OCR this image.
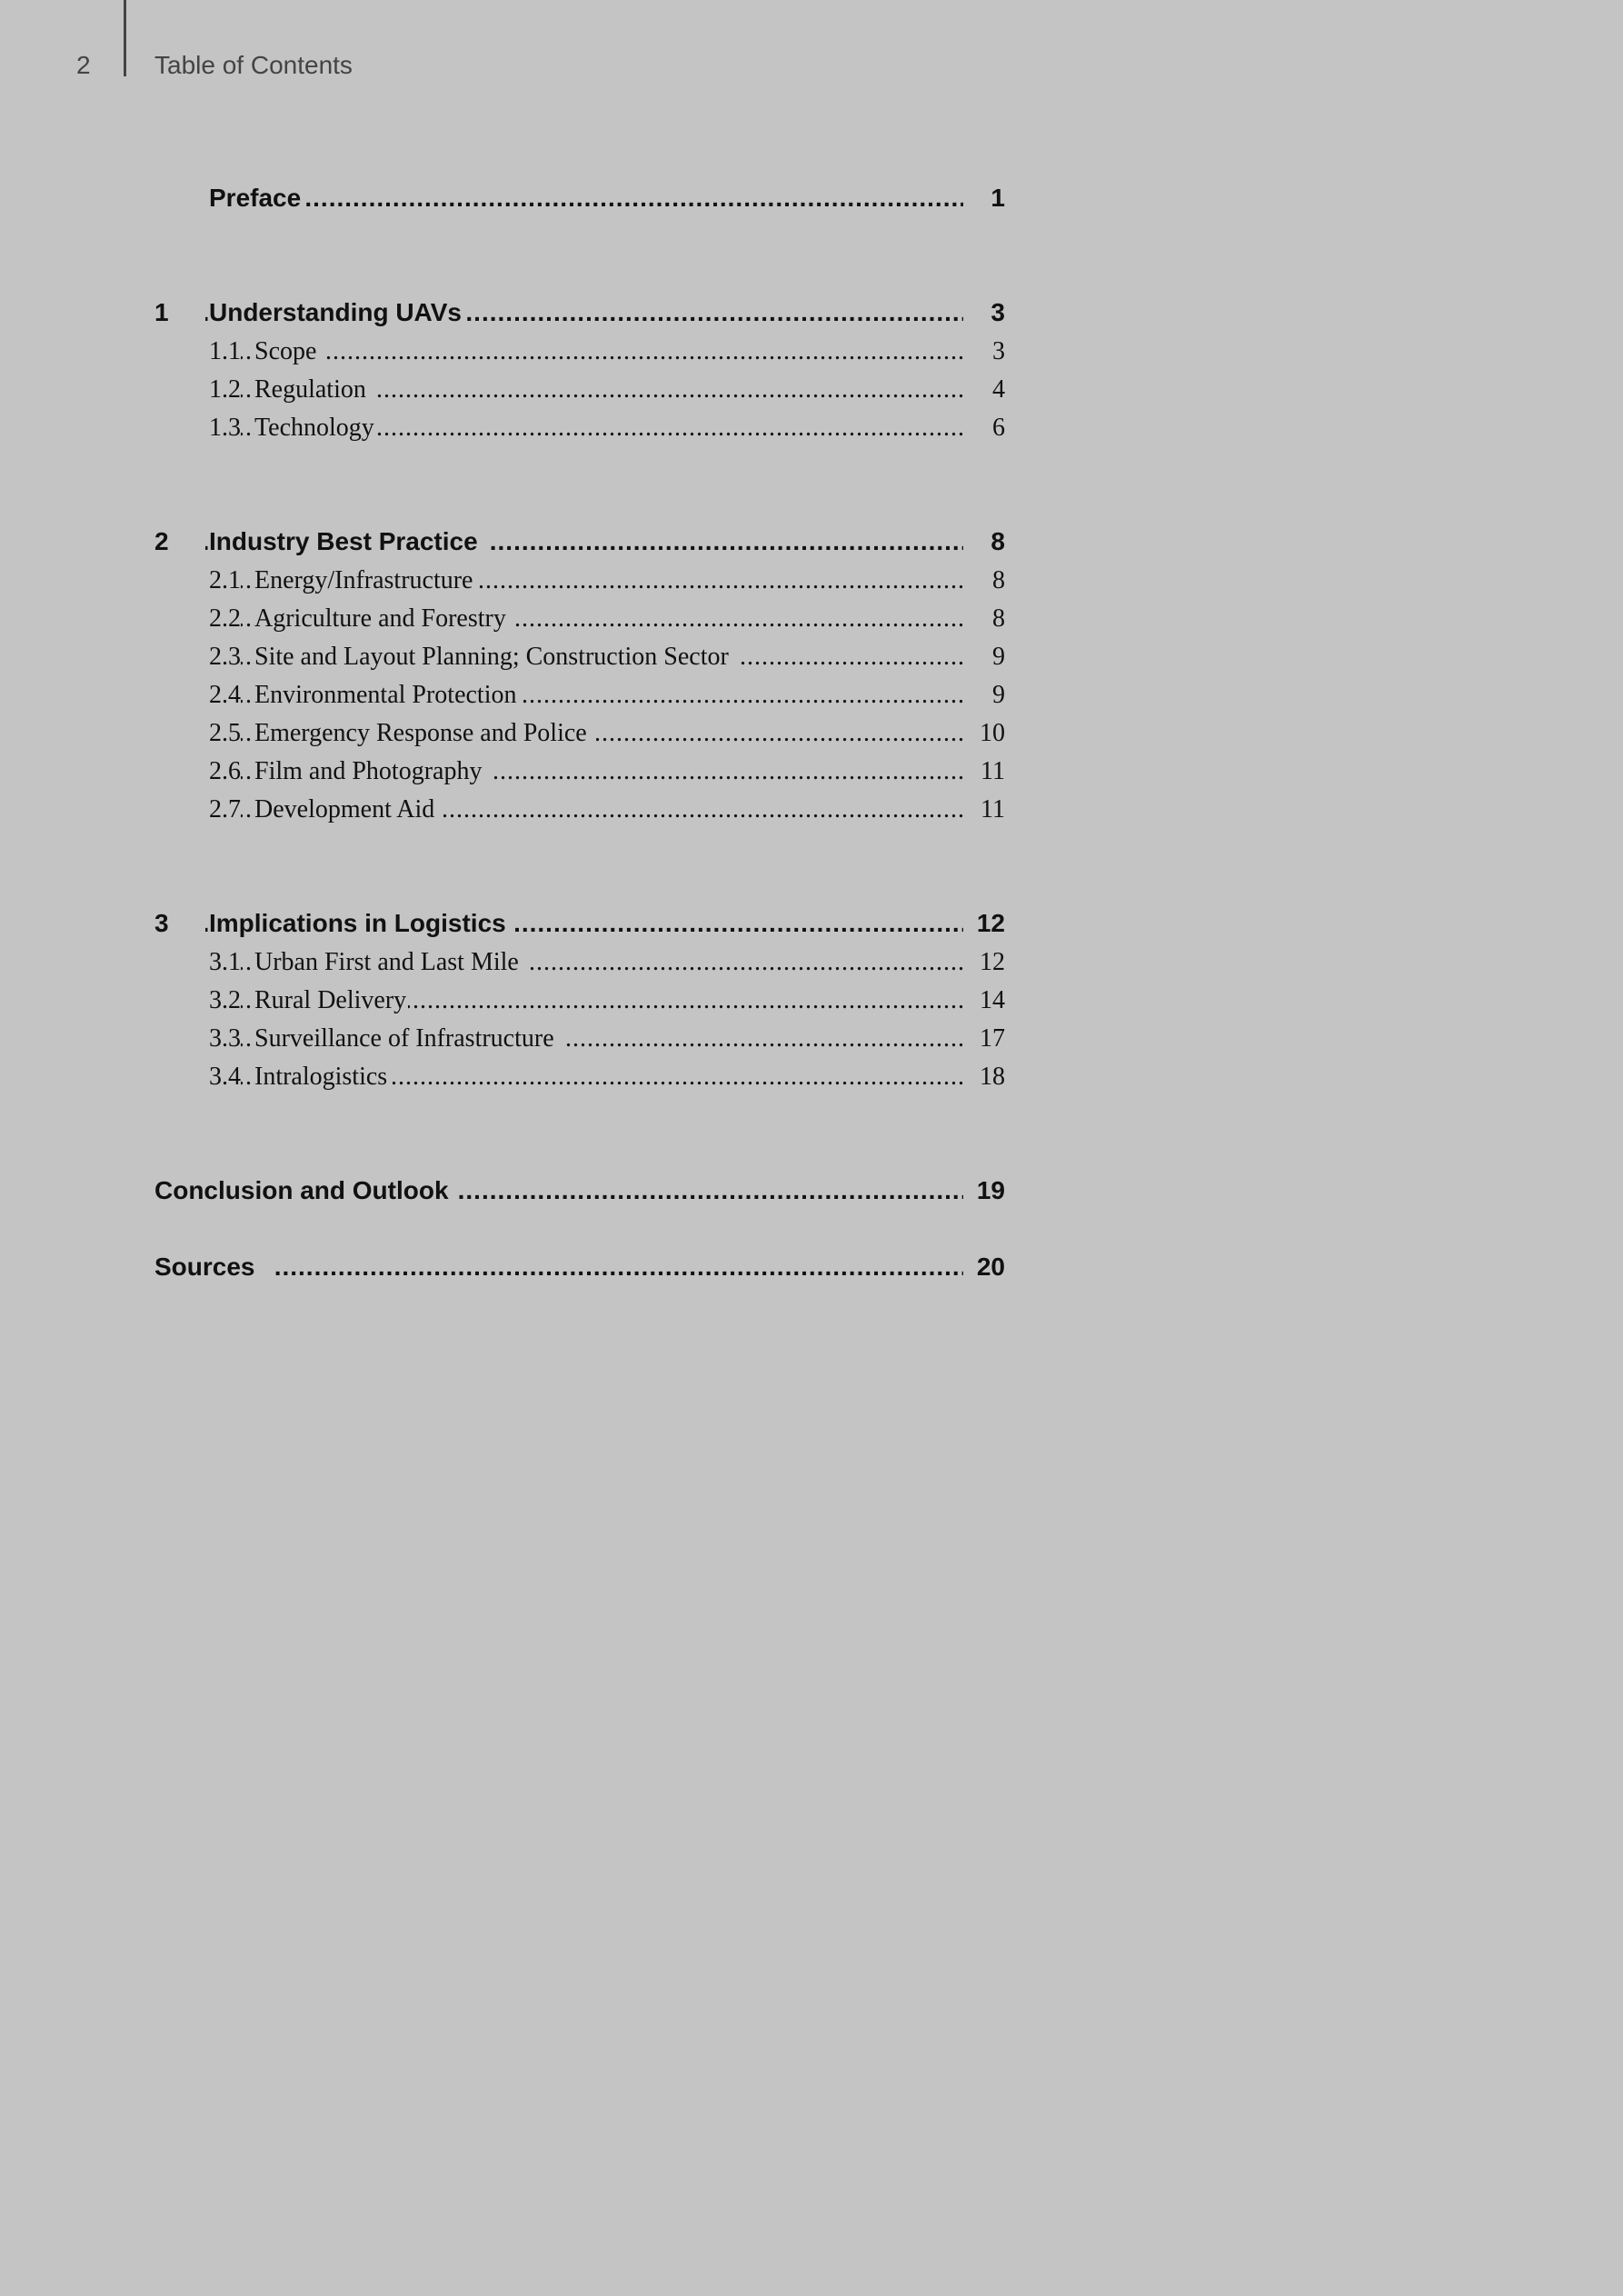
2	Table of Contents
.....
Preface	1
.....
1	Understanding UAVs	3
.....
1.1 Scope	3
.....
1.2 Regulation	4
.....
1.3 Technology	6
.....
2	Industry Best Practice	8
.....
2.1 Energy/Infrastructure	8
.....
2.2 Agriculture and Forestry	8
.....
2.3 Site and Layout Planning; Construction Sector	9
.....
2.4 Environmental Protection	9
.....
2.5 Emergency Response and Police	10
.....
2.6 Film and Photography	11
.....
2.7 Development Aid	11
.....
3	Implications in Logistics	12
.....
3.1 Urban First and Last Mile	12
.....
3.2 Rural Delivery	14
.....
3.3 Surveillance of Infrastructure	17
.....
3.4 Intralogistics	18
.....
Conclusion and Outlook	19
.....
Sources	20
